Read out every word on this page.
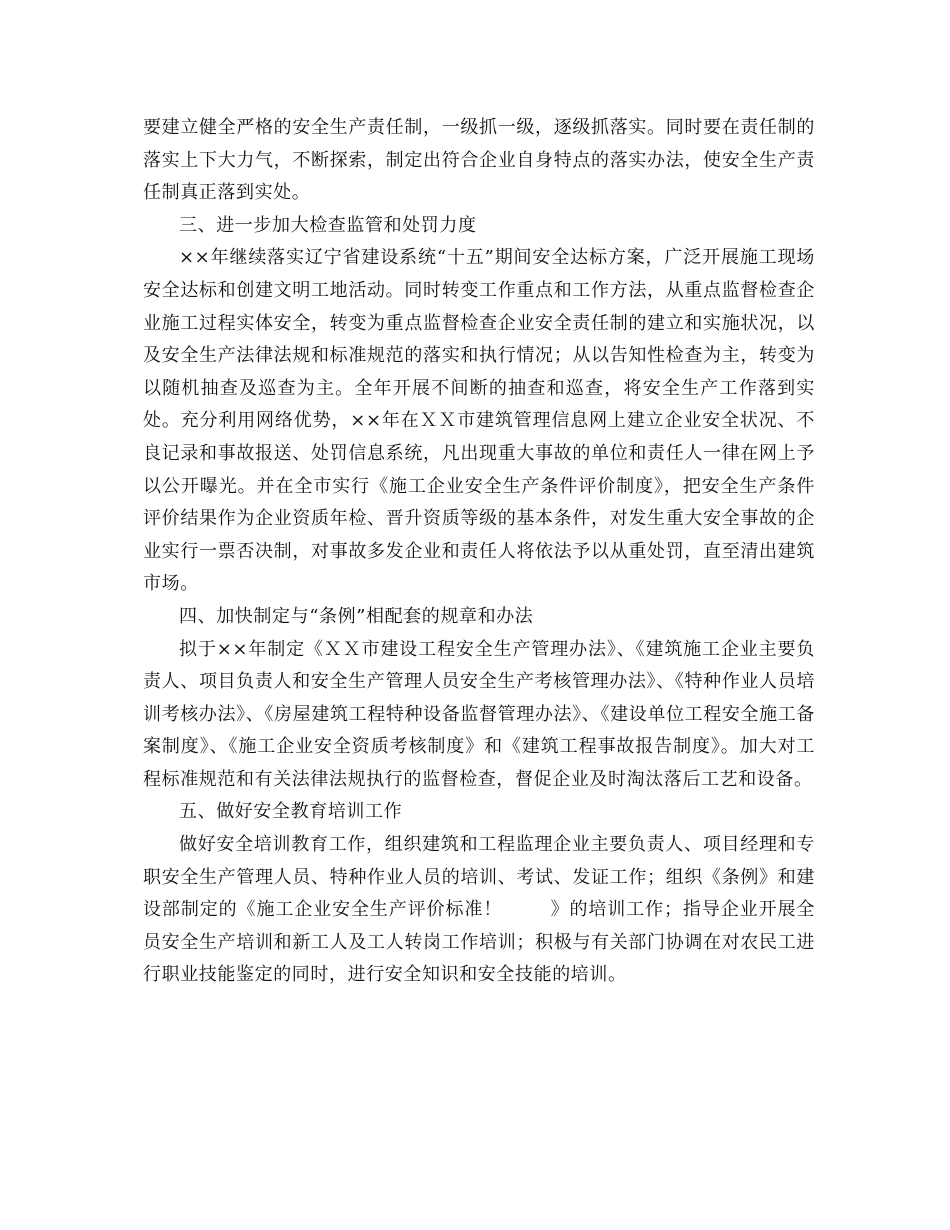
要建立健全严格的安全生产责任制，一级抓一级，逐级抓落实。同时要在责任制的落实上下大力气，不断探索，制定出符合企业自身特点的落实办法，使安全生产责任制真正落到实处。

三、进一步加大检查监管和处罚力度

××年继续落实辽宁省建设系统“十五”期间安全达标方案，广泛开展施工现场安全达标和创建文明工地活动。同时转变工作重点和工作方法，从重点监督检查企业施工过程实体安全，转变为重点监督检查企业安全责任制的建立和实施状况，以及安全生产法律法规和标准规范的落实和执行情况；从以告知性检查为主，转变为以随机抽查及巡查为主。全年开展不间断的抽查和巡查，将安全生产工作落到实处。充分利用网络优势，××年在ＸＸ市建筑管理信息网上建立企业安全状况、不良记录和事故报送、处罚信息系统，凡出现重大事故的单位和责任人一律在网上予以公开曝光。并在全市实行《施工企业安全生产条件评价制度》，把安全生产条件评价结果作为企业资质年检、晋升资质等级的基本条件，对发生重大安全事故的企业实行一票否决制，对事故多发企业和责任人将依法予以从重处罚，直至清出建筑市场。

四、加快制定与“条例”相配套的规章和办法

拟于××年制定《ＸＸ市建设工程安全生产管理办法》、《建筑施工企业主要负责人、项目负责人和安全生产管理人员安全生产考核管理办法》、《特种作业人员培训考核办法》、《房屋建筑工程特种设备监督管理办法》、《建设单位工程安全施工备案制度》、《施工企业安全资质考核制度》和《建筑工程事故报告制度》。加大对工程标准规范和有关法律法规执行的监督检查，督促企业及时淘汰落后工艺和设备。

五、做好安全教育培训工作

做好安全培训教育工作，组织建筑和工程监理企业主要负责人、项目经理和专职安全生产管理人员、特种作业人员的培训、考试、发证工作；组织《条例》和建设部制定的《施工企业安全生产评价标准！	》的培训工作；指导企业开展全员安全生产培训和新工人及工人转岗工作培训；积极与有关部门协调在对农民工进行职业技能鉴定的同时，进行安全知识和安全技能的培训。
